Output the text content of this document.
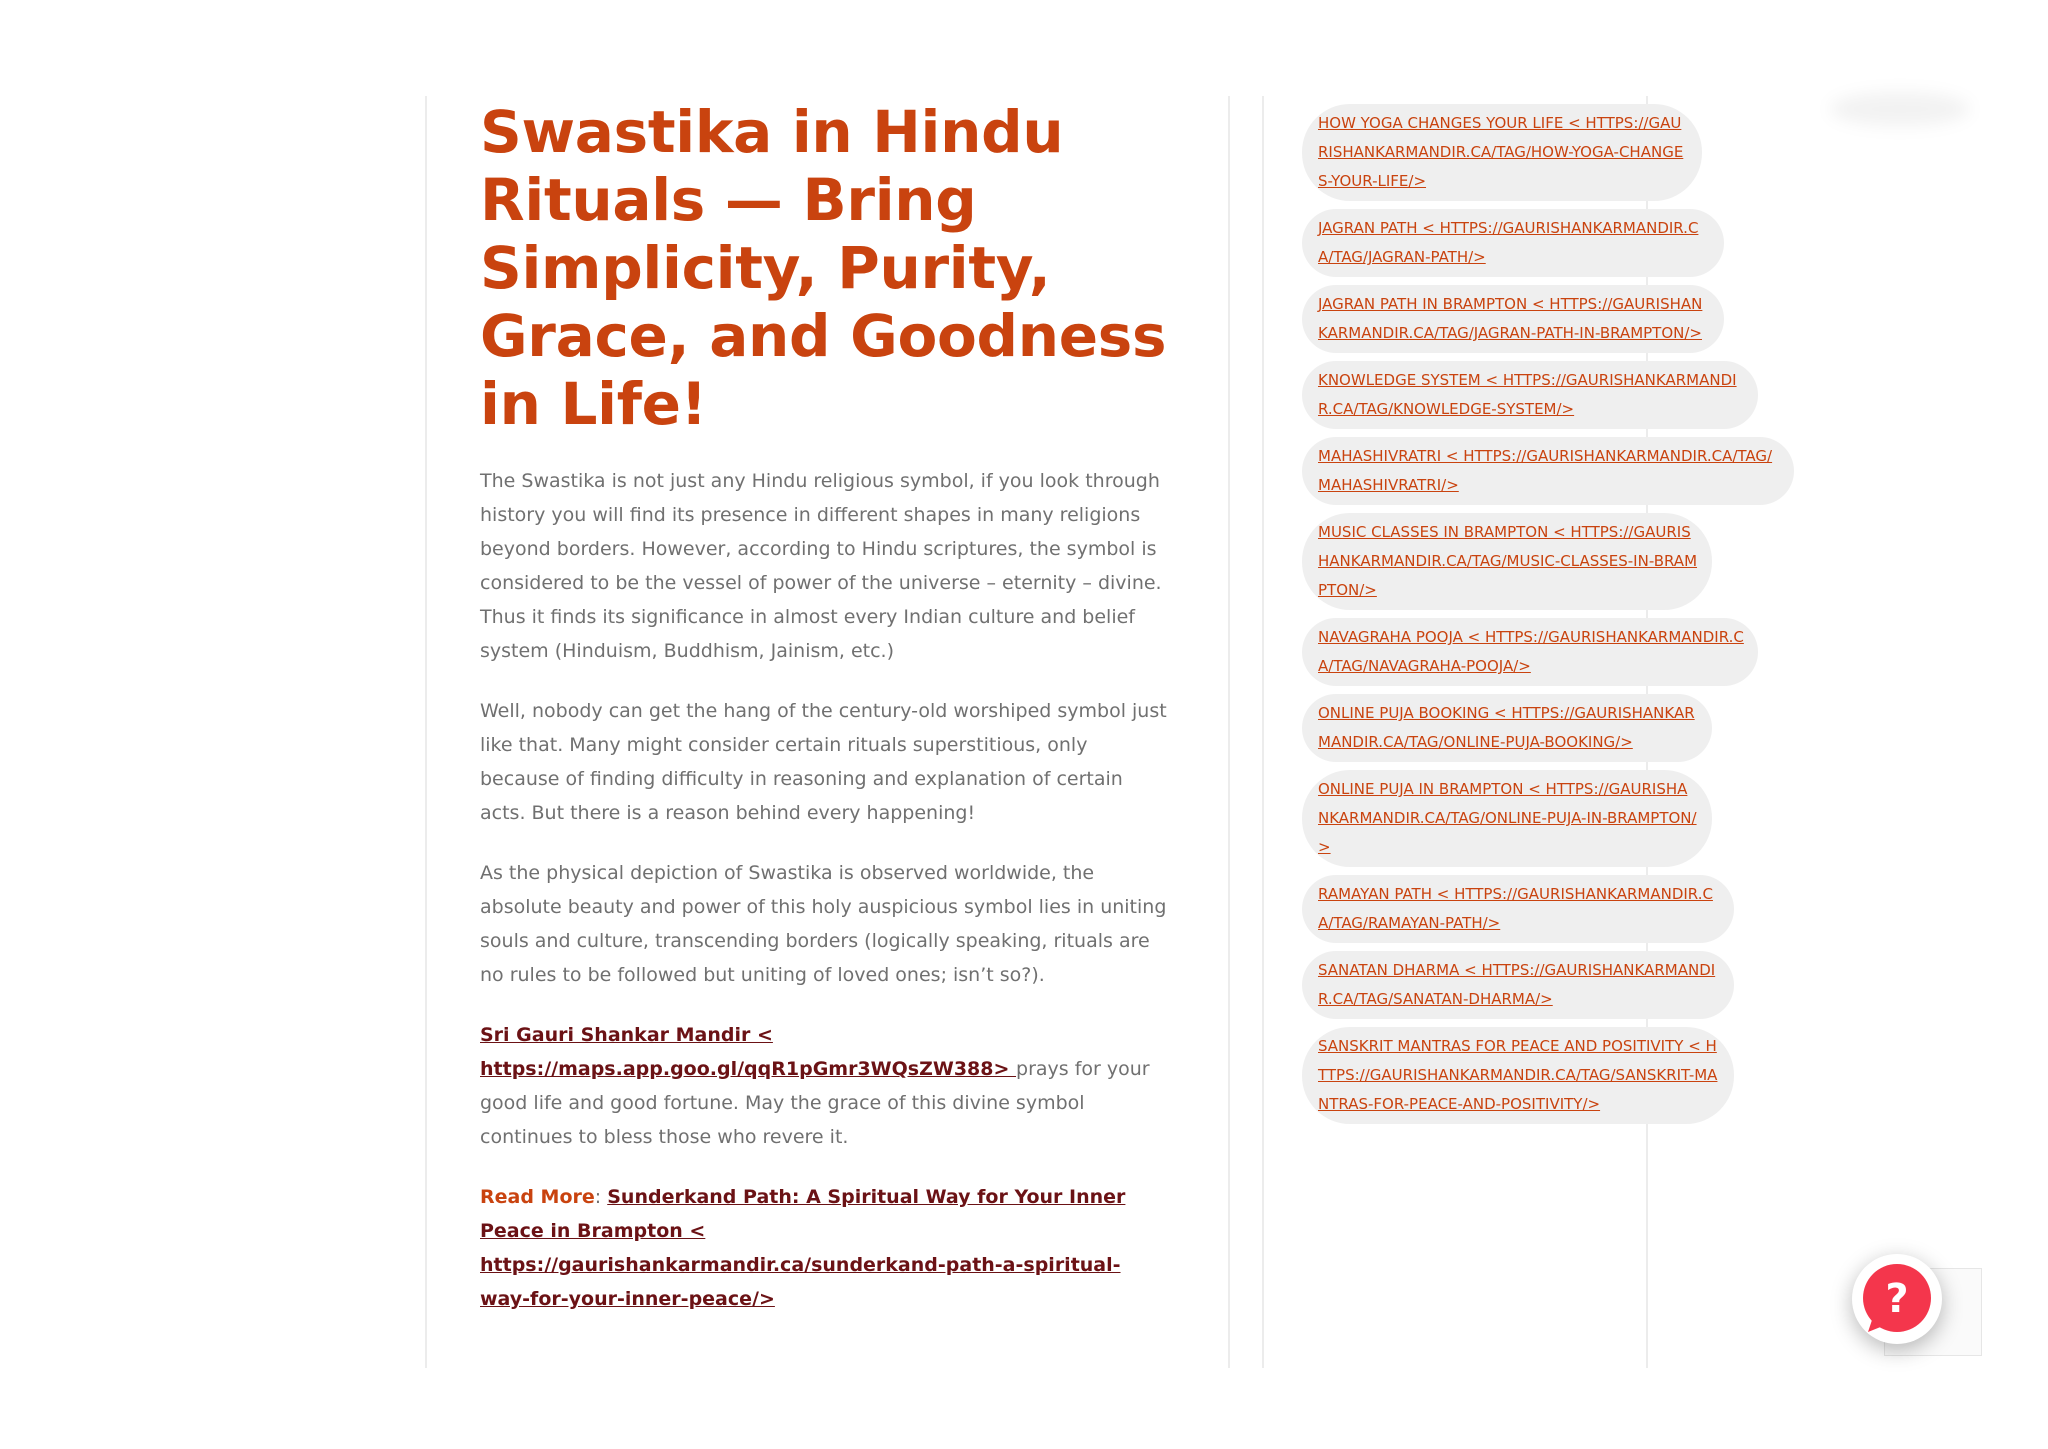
Swastika in Hindu Rituals — Bring Simplicity, Purity, Grace, and Goodness in Life!

The Swastika is not just any Hindu religious symbol, if you look through history you will find its presence in different shapes in many religions beyond borders. However, according to Hindu scriptures, the symbol is considered to be the vessel of power of the universe – eternity – divine. Thus it finds its significance in almost every Indian culture and belief system (Hinduism, Buddhism, Jainism, etc.)

Well, nobody can get the hang of the century-old worshiped symbol just like that. Many might consider certain rituals superstitious, only because of finding difficulty in reasoning and explanation of certain acts. But there is a reason behind every happening!

As the physical depiction of Swastika is observed worldwide, the absolute beauty and power of this holy auspicious symbol lies in uniting souls and culture, transcending borders (logically speaking, rituals are no rules to be followed but uniting of loved ones; isn’t so?).

Sri Gauri Shankar Mandir < https://maps.app.goo.gl/qqR1pGmr3WQsZW388> prays for your good life and good fortune. May the grace of this divine symbol continues to bless those who revere it.

Read More: Sunderkand Path: A Spiritual Way for Your Inner Peace in Brampton < https://gaurishankarmandir.ca/sunderkand-path-a-spiritual-way-for-your-inner-peace/>

HOW YOGA CHANGES YOUR LIFE < HTTPS://GAURISHANKARMANDIR.CA/TAG/HOW-YOGA-CHANGES-YOUR-LIFE/>
JAGRAN PATH < HTTPS://GAURISHANKARMANDIR.CA/TAG/JAGRAN-PATH/>
JAGRAN PATH IN BRAMPTON < HTTPS://GAURISHANKARMANDIR.CA/TAG/JAGRAN-PATH-IN-BRAMPTON/>
KNOWLEDGE SYSTEM < HTTPS://GAURISHANKARMANDIR.CA/TAG/KNOWLEDGE-SYSTEM/>
MAHASHIVRATRI < HTTPS://GAURISHANKARMANDIR.CA/TAG/MAHASHIVRATRI/>
MUSIC CLASSES IN BRAMPTON < HTTPS://GAURISHANKARMANDIR.CA/TAG/MUSIC-CLASSES-IN-BRAMPTON/>
NAVAGRAHA POOJA < HTTPS://GAURISHANKARMANDIR.CA/TAG/NAVAGRAHA-POOJA/>
ONLINE PUJA BOOKING < HTTPS://GAURISHANKARMANDIR.CA/TAG/ONLINE-PUJA-BOOKING/>
ONLINE PUJA IN BRAMPTON < HTTPS://GAURISHANKARMANDIR.CA/TAG/ONLINE-PUJA-IN-BRAMPTON/>
RAMAYAN PATH < HTTPS://GAURISHANKARMANDIR.CA/TAG/RAMAYAN-PATH/>
SANATAN DHARMA < HTTPS://GAURISHANKARMANDIR.CA/TAG/SANATAN-DHARMA/>
SANSKRIT MANTRAS FOR PEACE AND POSITIVITY < HTTPS://GAURISHANKARMANDIR.CA/TAG/SANSKRIT-MANTRAS-FOR-PEACE-AND-POSITIVITY/>
?
